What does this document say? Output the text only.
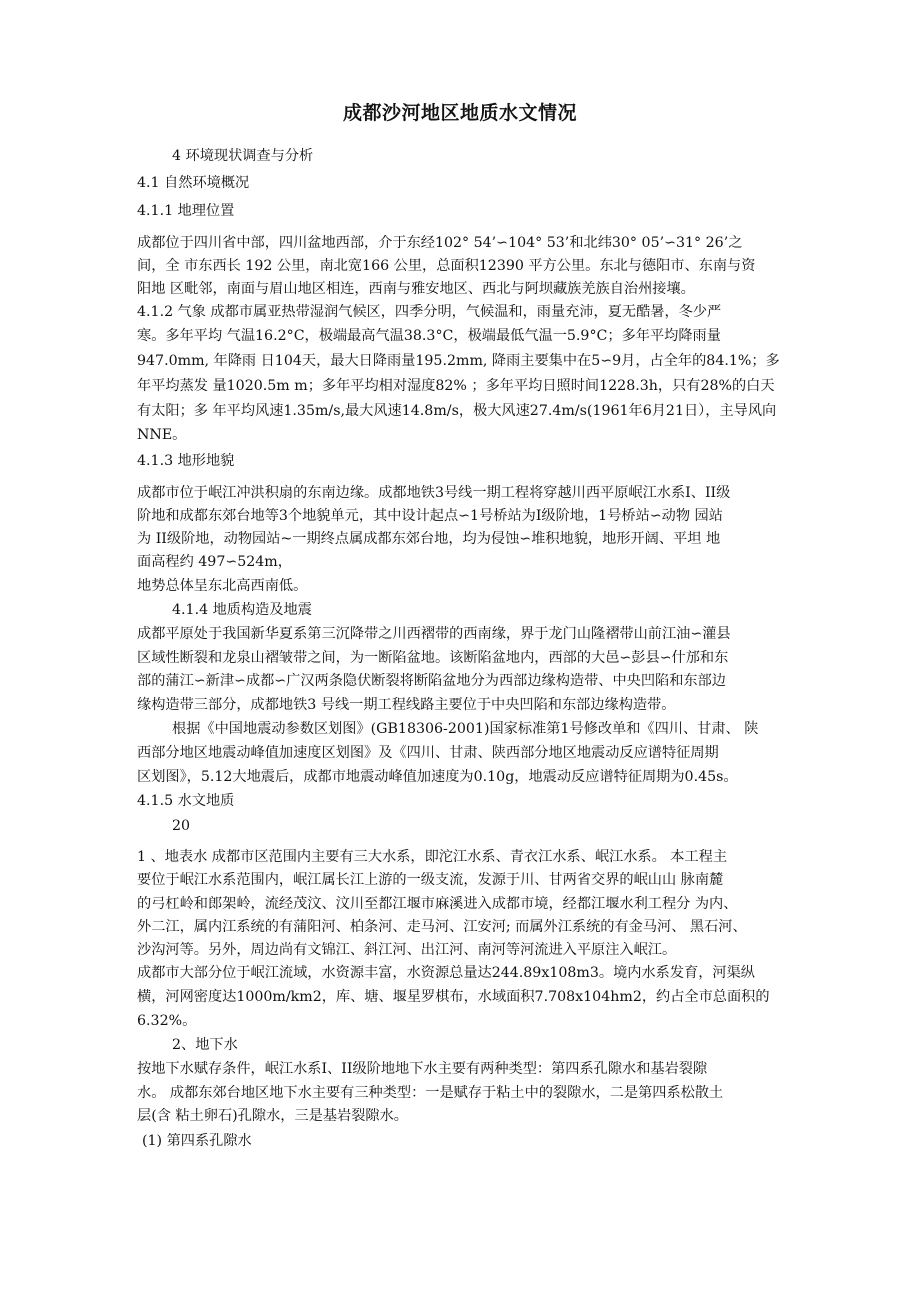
成都沙河地区地质水文情况
4 环境现状调查与分析
4.1 自然环境概况
4.1.1 地理位置
成都位于四川省中部，四川盆地西部，介于东经102° 54’∽104° 53’和北纬30° 05’∽31° 26’之
间，全 市东西长 192 公里，南北宽166 公里，总面积12390 平方公里。东北与德阳市、东南与资
阳地 区毗邻，南面与眉山地区相连，西南与雅安地区、西北与阿坝藏族羌族自治州接壤。
4.1.2 气象 成都市属亚热带湿润气候区，四季分明，气候温和，雨量充沛，夏无酷暑，冬少严
寒。多年平均 气温16.2°C，极端最高气温38.3°C，极端最低气温一5.9°C；多年平均降雨量
947.0mm, 年降雨 日104天，最大日降雨量195.2mm, 降雨主要集中在5∽9月，占全年的84.1%；多
年平均蒸发 量1020.5m m；多年平均相对湿度82% ；多年平均日照时间1228.3h，只有28%的白天
有太阳；多 年平均风速1.35m/s,最大风速14.8m/s，极大风速27.4m/s(1961年6月21日），主导风向
NNE。
4.1.3 地形地貌
成都市位于岷江冲洪积扇的东南边缘。成都地铁3号线一期工程将穿越川西平原岷江水系I、II级
阶地和成都东郊台地等3个地貌单元，其中设计起点∽1号桥站为I级阶地，1号桥站∽动物 园站
为 II级阶地，动物园站~一期终点属成都东郊台地，均为侵蚀∽堆积地貌，地形开阔、平坦 地
面高程约 497∽524m，
地势总体呈东北高西南低。
4.1.4 地质构造及地震
成都平原处于我国新华夏系第三沉降带之川西褶带的西南缘，界于龙门山隆褶带山前江油∽灌县
区域性断裂和龙泉山褶皱带之间，为一断陷盆地。该断陷盆地内，西部的大邑∽彭县∽什邡和东
部的蒲江∽新津∽成都∽广汉两条隐伏断裂将断陷盆地分为西部边缘构造带、中央凹陷和东部边
缘构造带三部分，成都地铁3 号线一期工程线路主要位于中央凹陷和东部边缘构造带。
根据《中国地震动参数区划图》(GB18306-2001)国家标准第1号修改单和《四川、甘肃、 陕
西部分地区地震动峰值加速度区划图》及《四川、甘肃、陕西部分地区地震动反应谱特征周期
区划图》，5.12大地震后，成都市地震动峰值加速度为0.10g，地震动反应谱特征周期为0.45s。
4.1.5 水文地质
20
1 、地表水 成都市区范围内主要有三大水系，即沱江水系、青衣江水系、岷江水系。 本工程主
要位于岷江水系范围内，岷江属长江上游的一级支流，发源于川、甘两省交界的岷山山 脉南麓
的弓杠岭和郎架岭，流经茂汶、汶川至都江堰市麻溪进入成都市境，经都江堰水利工程分 为内、
外二江，属内江系统的有蒲阳河、柏条河、走马河、江安河; 而属外江系统的有金马河、 黑石河、
沙沟河等。另外，周边尚有文锦江、斜江河、出江河、南河等河流进入平原注入岷江。
成都市大部分位于岷江流域，水资源丰富，水资源总量达244.89x108m3。境内水系发育，河渠纵
横，河网密度达1000m/km2，库、塘、堰星罗棋布，水域面积7.708x104hm2，约占全市总面积的
6.32%。
2、地下水
按地下水赋存条件，岷江水系I、II级阶地地下水主要有两种类型：第四系孔隙水和基岩裂隙
水。 成都东郊台地区地下水主要有三种类型：一是赋存于粘土中的裂隙水，二是第四系松散土
层(含 粘土卵石)孔隙水，三是基岩裂隙水。
(1) 第四系孔隙水
